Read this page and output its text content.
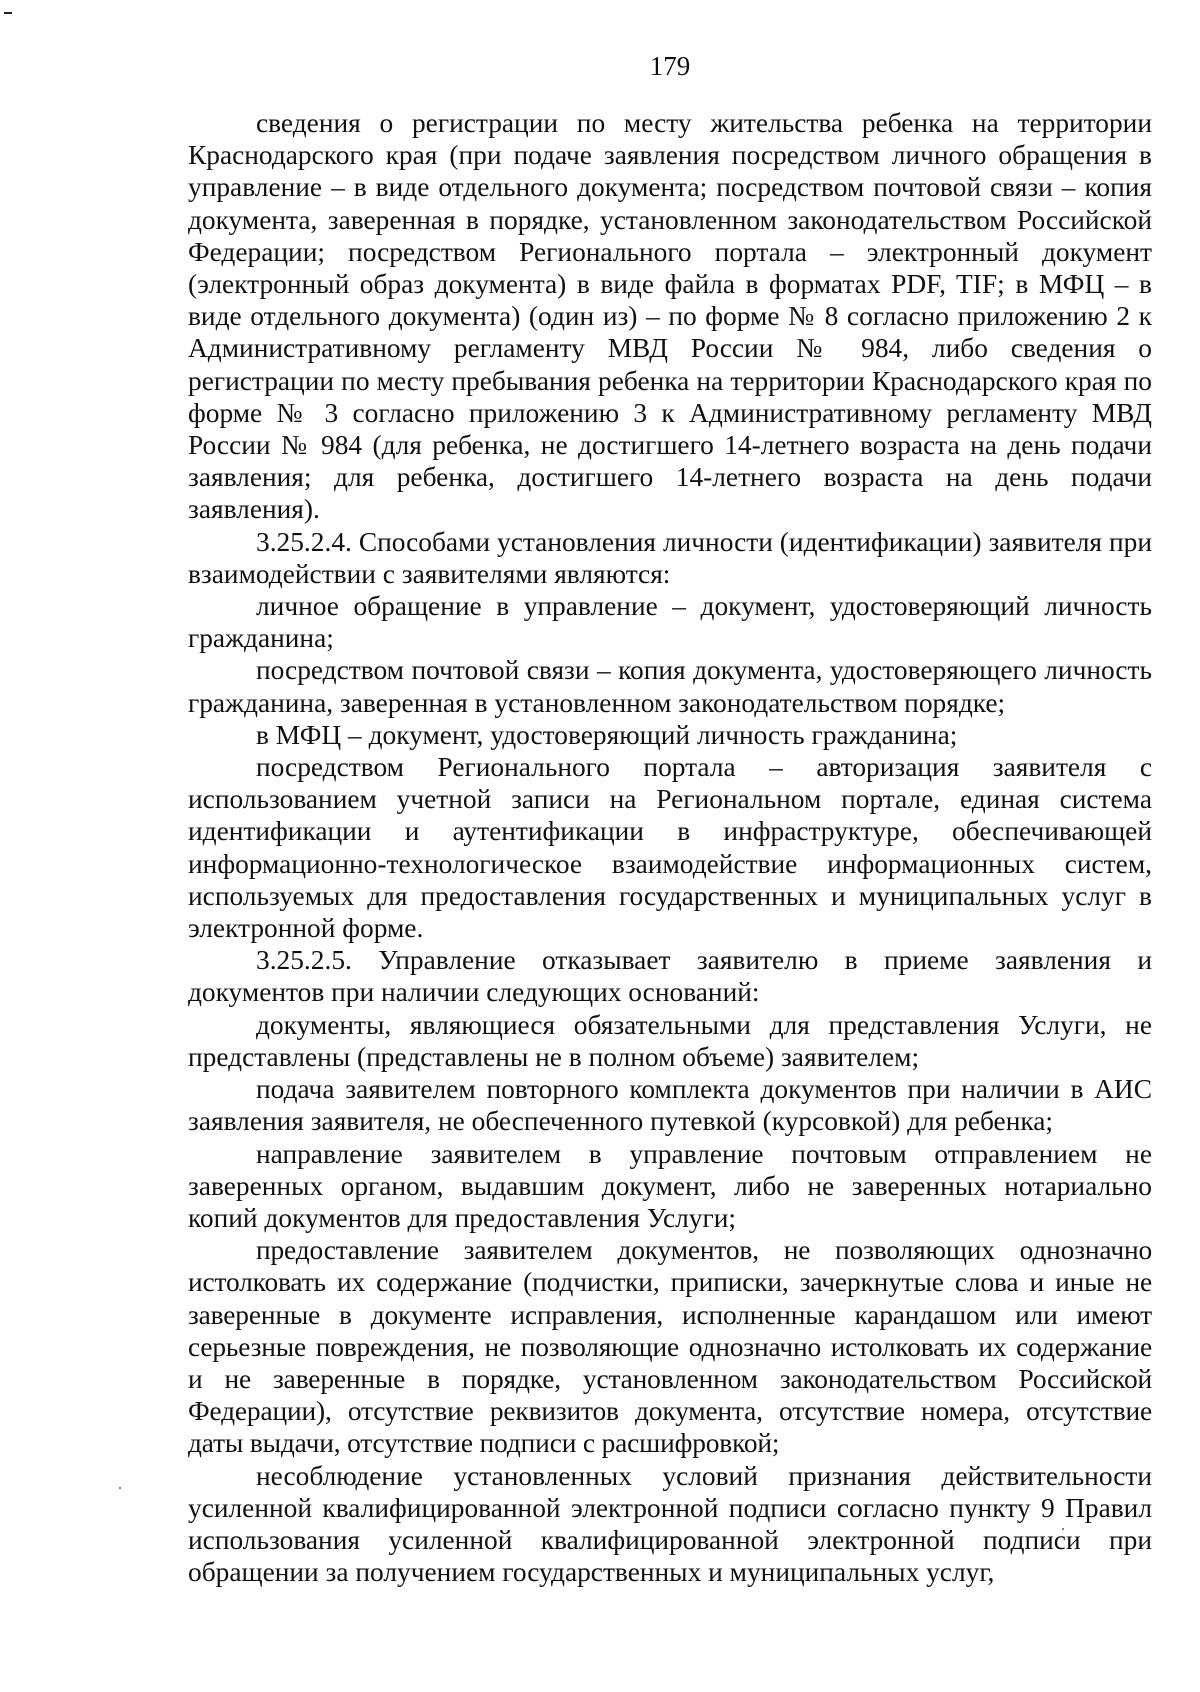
179

сведения о регистрации по месту жительства ребенка на территории Краснодарского края (при подаче заявления посредством личного обращения в управление – в виде отдельного документа; посредством почтовой связи – копия документа, заверенная в порядке, установленном законодательством Российской Федерации; посредством Регионального портала – электронный документ (электронный образ документа) в виде файла в форматах PDF, TIF; в МФЦ – в виде отдельного документа) (один из) – по форме № 8 согласно приложению 2 к Административному регламенту МВД России № 984, либо сведения о регистрации по месту пребывания ребенка на территории Краснодарского края по форме № 3 согласно приложению 3 к Административному регламенту МВД России № 984 (для ребенка, не достигшего 14-летнего возраста на день подачи заявления; для ребенка, достигшего 14-летнего возраста на день подачи заявления).

3.25.2.4. Способами установления личности (идентификации) заявителя при взаимодействии с заявителями являются:

личное обращение в управление – документ, удостоверяющий личность гражданина;

посредством почтовой связи – копия документа, удостоверяющего личность гражданина, заверенная в установленном законодательством порядке;

в МФЦ – документ, удостоверяющий личность гражданина;

посредством Регионального портала – авторизация заявителя с использованием учетной записи на Региональном портале, единая система идентификации и аутентификации в инфраструктуре, обеспечивающей информационно-технологическое взаимодействие информационных систем, используемых для предоставления государственных и муниципальных услуг в электронной форме.

3.25.2.5. Управление отказывает заявителю в приеме заявления и документов при наличии следующих оснований:

документы, являющиеся обязательными для представления Услуги, не представлены (представлены не в полном объеме) заявителем;

подача заявителем повторного комплекта документов при наличии в АИС заявления заявителя, не обеспеченного путевкой (курсовкой) для ребенка;

направление заявителем в управление почтовым отправлением не заверенных органом, выдавшим документ, либо не заверенных нотариально копий документов для предоставления Услуги;

предоставление заявителем документов, не позволяющих однозначно истолковать их содержание (подчистки, приписки, зачеркнутые слова и иные не заверенные в документе исправления, исполненные карандашом или имеют серьезные повреждения, не позволяющие однозначно истолковать их содержание и не заверенные в порядке, установленном законодательством Российской Федерации), отсутствие реквизитов документа, отсутствие номера, отсутствие даты выдачи, отсутствие подписи с расшифровкой;

несоблюдение установленных условий признания действительности усиленной квалифицированной электронной подписи согласно пункту 9 Правил использования усиленной квалифицированной электронной подписи при обращении за получением государственных и муниципальных услуг,
